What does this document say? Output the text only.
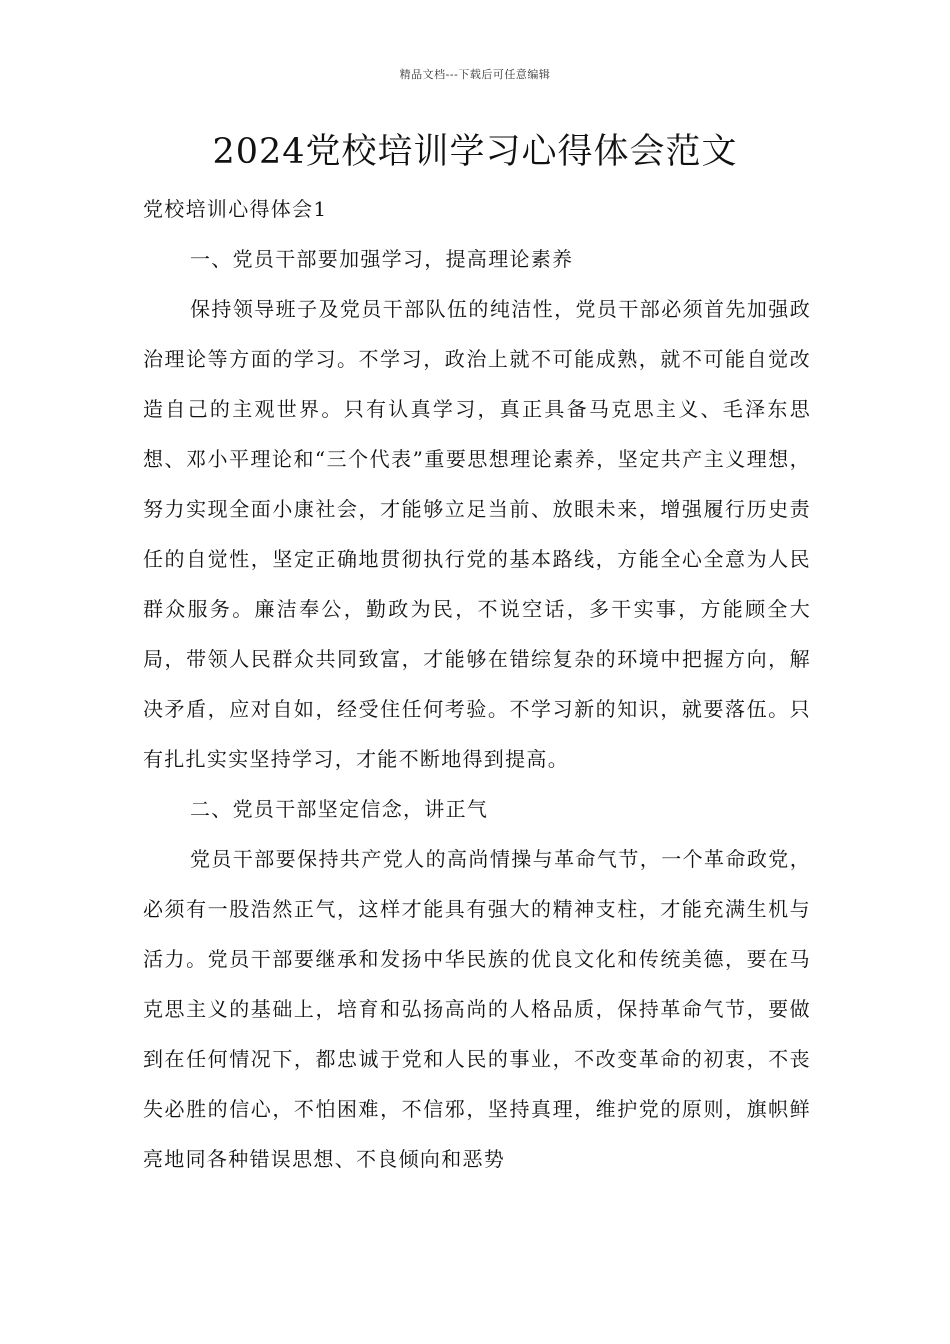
精品文档---下载后可任意编辑
2024党校培训学习心得体会范文

党校培训心得体会1

一、党员干部要加强学习，提高理论素养

保持领导班子及党员干部队伍的纯洁性，党员干部必须首先加强政治理论等方面的学习。不学习，政治上就不可能成熟，就不可能自觉改造自己的主观世界。只有认真学习，真正具备马克思主义、毛泽东思想、邓小平理论和“三个代表”重要思想理论素养，坚定共产主义理想，努力实现全面小康社会，才能够立足当前、放眼未来，增强履行历史责任的自觉性，坚定正确地贯彻执行党的基本路线，方能全心全意为人民群众服务。廉洁奉公，勤政为民，不说空话，多干实事，方能顾全大局，带领人民群众共同致富，才能够在错综复杂的环境中把握方向，解决矛盾，应对自如，经受住任何考验。不学习新的知识，就要落伍。只有扎扎实实坚持学习，才能不断地得到提高。

二、党员干部坚定信念，讲正气

党员干部要保持共产党人的高尚情操与革命气节，一个革命政党，必须有一股浩然正气，这样才能具有强大的精神支柱，才能充满生机与活力。党员干部要继承和发扬中华民族的优良文化和传统美德，要在马克思主义的基础上，培育和弘扬高尚的人格品质，保持革命气节，要做到在任何情况下，都忠诚于党和人民的事业，不改变革命的初衷，不丧失必胜的信心，不怕困难，不信邪，坚持真理，维护党的原则，旗帜鲜亮地同各种错误思想、不良倾向和恶势
